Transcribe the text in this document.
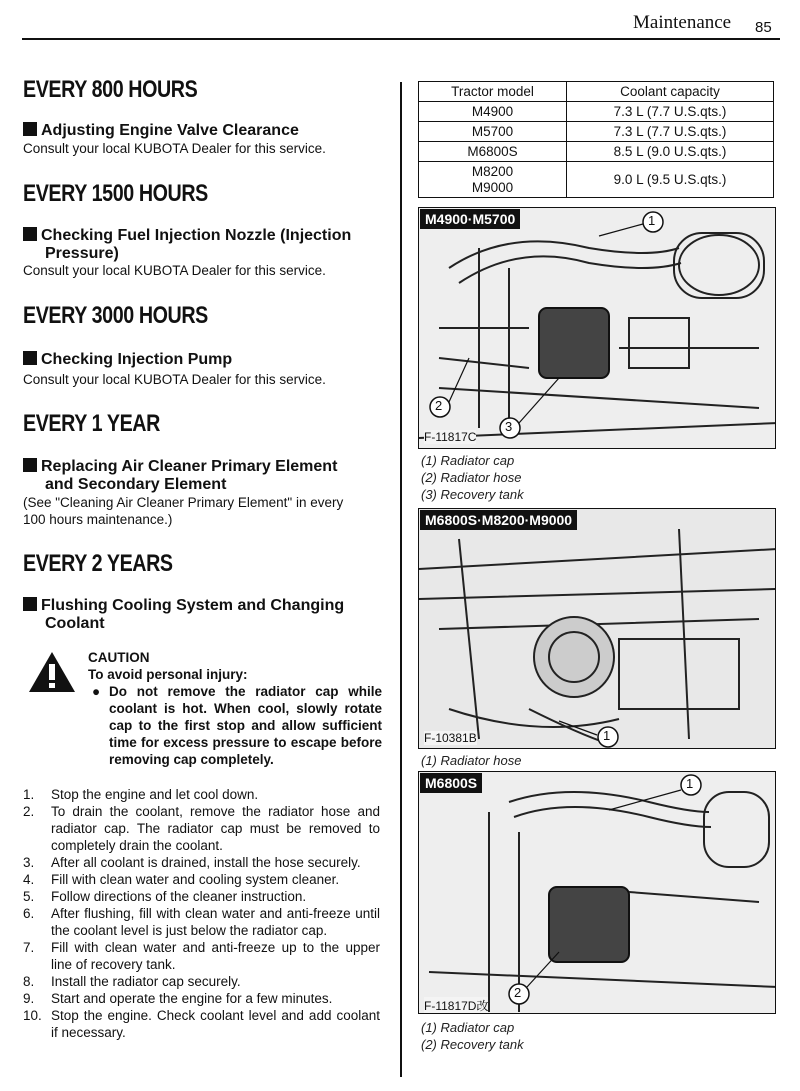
Maintenance 85
EVERY 800 HOURS
Adjusting Engine Valve Clearance
Consult your local KUBOTA Dealer for this service.
EVERY 1500 HOURS
Checking Fuel Injection Nozzle (Injection
Pressure)
Consult your local KUBOTA Dealer for this service.
EVERY 3000 HOURS
Checking Injection Pump
Consult your local KUBOTA Dealer for this service.
EVERY 1 YEAR
Replacing Air Cleaner Primary Element
and Secondary Element
(See "Cleaning Air Cleaner Primary Element" in every
100 hours maintenance.)
EVERY 2 YEARS
Flushing Cooling System and Changing
Coolant
CAUTION
To avoid personal injury:
● Do not remove the radiator cap while coolant is hot. When cool, slowly rotate cap to the first stop and allow sufficient time for excess pressure to escape before removing cap completely.
1.	Stop the engine and let cool down.
2.	To drain the coolant, remove the radiator hose and radiator cap. The radiator cap must be removed to completely drain the coolant.
3.	After all coolant is drained, install the hose securely.
4.	Fill with clean water and cooling system cleaner.
5.	Follow directions of the cleaner instruction.
6.	After flushing, fill with clean water and anti-freeze until the coolant level is just below the radiator cap.
7.	Fill with clean water and anti-freeze up to the upper line of recovery tank.
8.	Install the radiator cap securely.
9.	Start and operate the engine for a few minutes.
10. Stop the engine. Check coolant level and add coolant if necessary.
Tractor model	Coolant capacity
M4900	7.3 L (7.7 U.S.qts.)
M5700	7.3 L (7.7 U.S.qts.)
M6800S	8.5 L (9.0 U.S.qts.)
M8200
M9000	9.0 L (9.5 U.S.qts.)
M4900·M5700	1
2
3
F-11817C
(1) Radiator cap
(2) Radiator hose
(3) Recovery tank
M6800S·M8200·M9000
1
F-10381B
(1) Radiator hose
M6800S	1
2
F-11817D改
(1) Radiator cap
(2) Recovery tank
